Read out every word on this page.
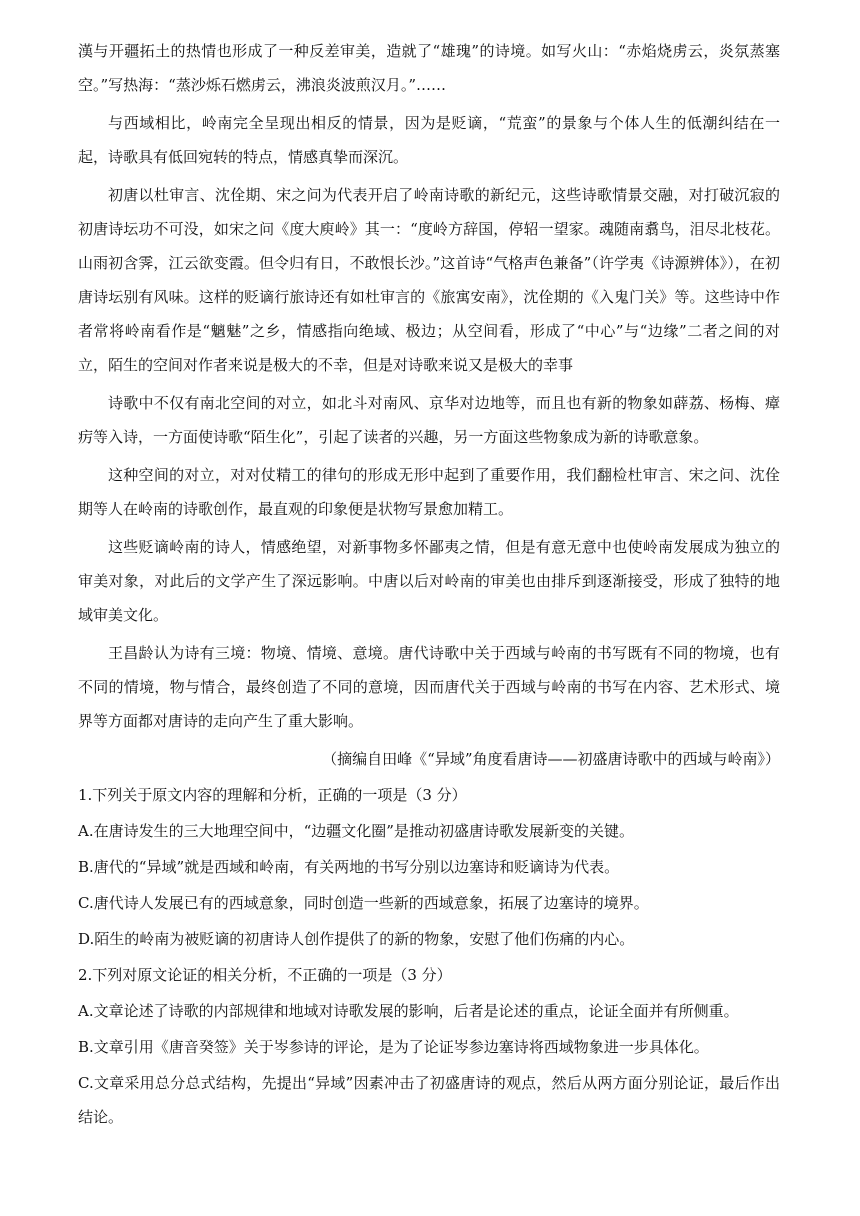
漢与开疆拓土的热情也形成了一种反差审美，造就了“雄瑰”的诗境。如写火山：“赤焰烧虏云，炎氛蒸塞空。”写热海：“蒸沙烁石燃虏云，沸浪炎波煎汉月。”……

与西域相比，岭南完全呈现出相反的情景，因为是贬谪，“荒蛮”的景象与个体人生的低潮纠结在一起，诗歌具有低回宛转的特点，情感真挚而深沉。

初唐以杜审言、沈佺期、宋之问为代表开启了岭南诗歌的新纪元，这些诗歌情景交融，对打破沉寂的初唐诗坛功不可没，如宋之问《度大庾岭》其一：“度岭方辞国，停轺一望家。魂随南翥鸟，泪尽北枝花。山雨初含霁，江云欲变霞。但令归有日，不敢恨长沙。”这首诗“气格声色兼备”（许学夷《诗源辨体》），在初唐诗坛别有风味。这样的贬谪行旅诗还有如杜审言的《旅寓安南》，沈佺期的《入鬼门关》等。这些诗中作者常将岭南看作是“魑魅”之乡，情感指向绝域、极边；从空间看，形成了“中心”与“边缘”二者之间的对立，陌生的空间对作者来说是极大的不幸，但是对诗歌来说又是极大的幸事

诗歌中不仅有南北空间的对立，如北斗对南风、京华对边地等，而且也有新的物象如薜荔、杨梅、瘴疠等入诗，一方面使诗歌“陌生化”，引起了读者的兴趣，另一方面这些物象成为新的诗歌意象。

这种空间的对立，对对仗精工的律句的形成无形中起到了重要作用，我们翻检杜审言、宋之问、沈佺期等人在岭南的诗歌创作，最直观的印象便是状物写景愈加精工。

这些贬谪岭南的诗人，情感绝望，对新事物多怀鄙夷之情，但是有意无意中也使岭南发展成为独立的审美对象，对此后的文学产生了深远影响。中唐以后对岭南的审美也由排斥到逐渐接受，形成了独特的地域审美文化。

王昌龄认为诗有三境：物境、情境、意境。唐代诗歌中关于西域与岭南的书写既有不同的物境，也有不同的情境，物与情合，最终创造了不同的意境，因而唐代关于西域与岭南的书写在内容、艺术形式、境界等方面都对唐诗的走向产生了重大影响。

（摘编自田峰《“异域”角度看唐诗——初盛唐诗歌中的西域与岭南》）

1.下列关于原文内容的理解和分析，正确的一项是（3 分）

A.在唐诗发生的三大地理空间中，“边疆文化圈”是推动初盛唐诗歌发展新变的关键。

B.唐代的“异域”就是西域和岭南，有关两地的书写分别以边塞诗和贬谪诗为代表。

C.唐代诗人发展已有的西域意象，同时创造一些新的西域意象，拓展了边塞诗的境界。

D.陌生的岭南为被贬谪的初唐诗人创作提供了的新的物象，安慰了他们伤痛的内心。

2.下列对原文论证的相关分析，不正确的一项是（3 分）

A.文章论述了诗歌的内部规律和地域对诗歌发展的影响，后者是论述的重点，论证全面并有所侧重。

B.文章引用《唐音癸签》关于岑参诗的评论，是为了论证岑参边塞诗将西域物象进一步具体化。

C.文章采用总分总式结构，先提出“异域”因素冲击了初盛唐诗的观点，然后从两方面分别论证，最后作出结论。
